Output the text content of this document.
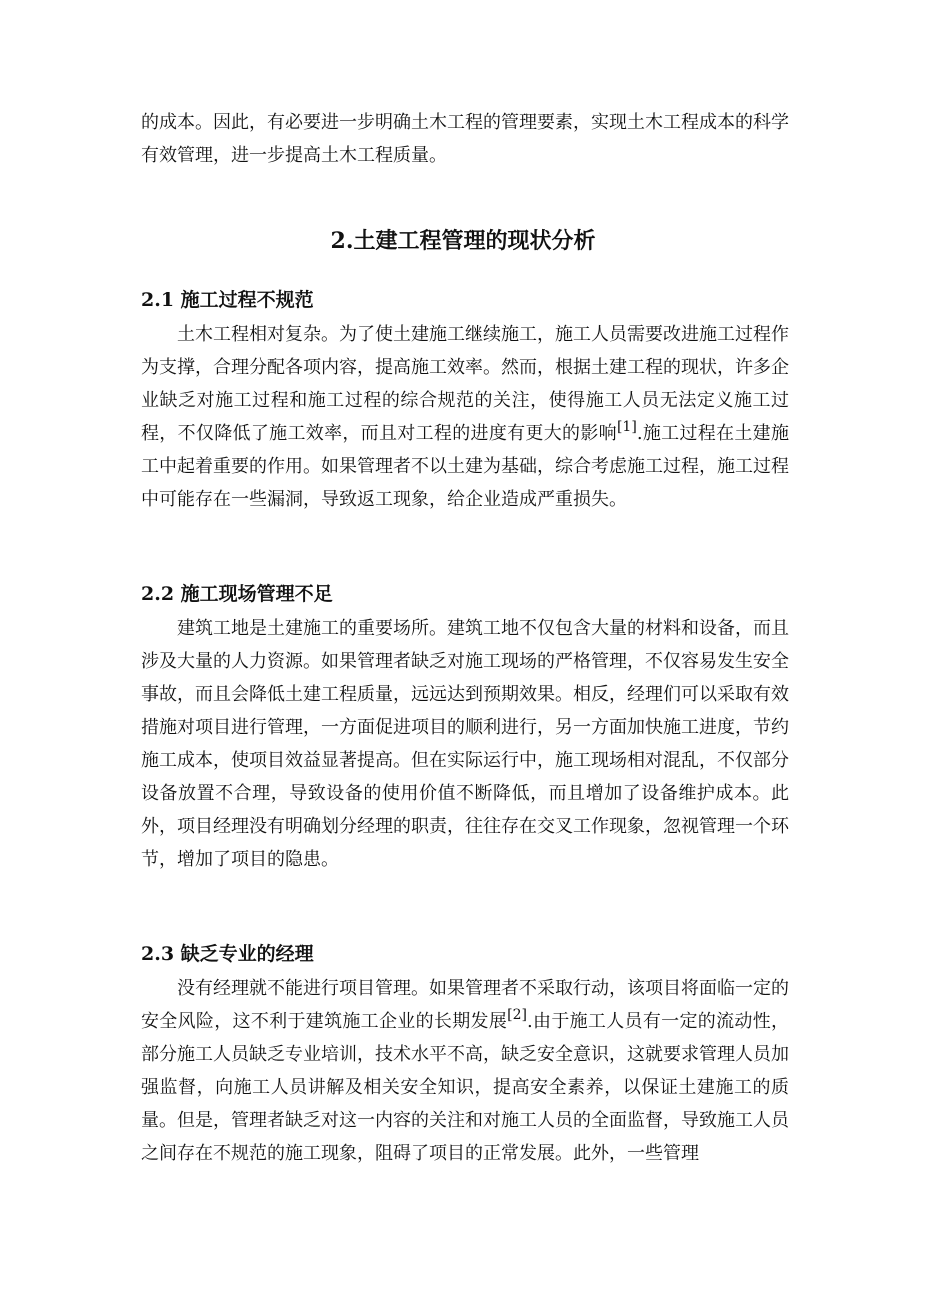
的成本。因此，有必要进一步明确土木工程的管理要素，实现土木工程成本的科学有效管理，进一步提高土木工程质量。

2.土建工程管理的现状分析
2.1 施工过程不规范

土木工程相对复杂。为了使土建施工继续施工，施工人员需要改进施工过程作为支撑，合理分配各项内容，提高施工效率。然而，根据土建工程的现状，许多企业缺乏对施工过程和施工过程的综合规范的关注，使得施工人员无法定义施工过程，不仅降低了施工效率，而且对工程的进度有更大的影响[1].施工过程在土建施工中起着重要的作用。如果管理者不以土建为基础，综合考虑施工过程，施工过程中可能存在一些漏洞，导致返工现象，给企业造成严重损失。

2.2 施工现场管理不足

建筑工地是土建施工的重要场所。建筑工地不仅包含大量的材料和设备，而且涉及大量的人力资源。如果管理者缺乏对施工现场的严格管理，不仅容易发生安全事故，而且会降低土建工程质量，远远达到预期效果。相反，经理们可以采取有效措施对项目进行管理，一方面促进项目的顺利进行，另一方面加快施工进度，节约施工成本，使项目效益显著提高。但在实际运行中，施工现场相对混乱，不仅部分设备放置不合理，导致设备的使用价值不断降低，而且增加了设备维护成本。此外，项目经理没有明确划分经理的职责，往往存在交叉工作现象，忽视管理一个环节，增加了项目的隐患。

2.3 缺乏专业的经理

没有经理就不能进行项目管理。如果管理者不采取行动，该项目将面临一定的安全风险，这不利于建筑施工企业的长期发展[2].由于施工人员有一定的流动性，部分施工人员缺乏专业培训，技术水平不高，缺乏安全意识，这就要求管理人员加强监督，向施工人员讲解及相关安全知识，提高安全素养，以保证土建施工的质量。但是，管理者缺乏对这一内容的关注和对施工人员的全面监督，导致施工人员之间存在不规范的施工现象，阻碍了项目的正常发展。此外，一些管理
